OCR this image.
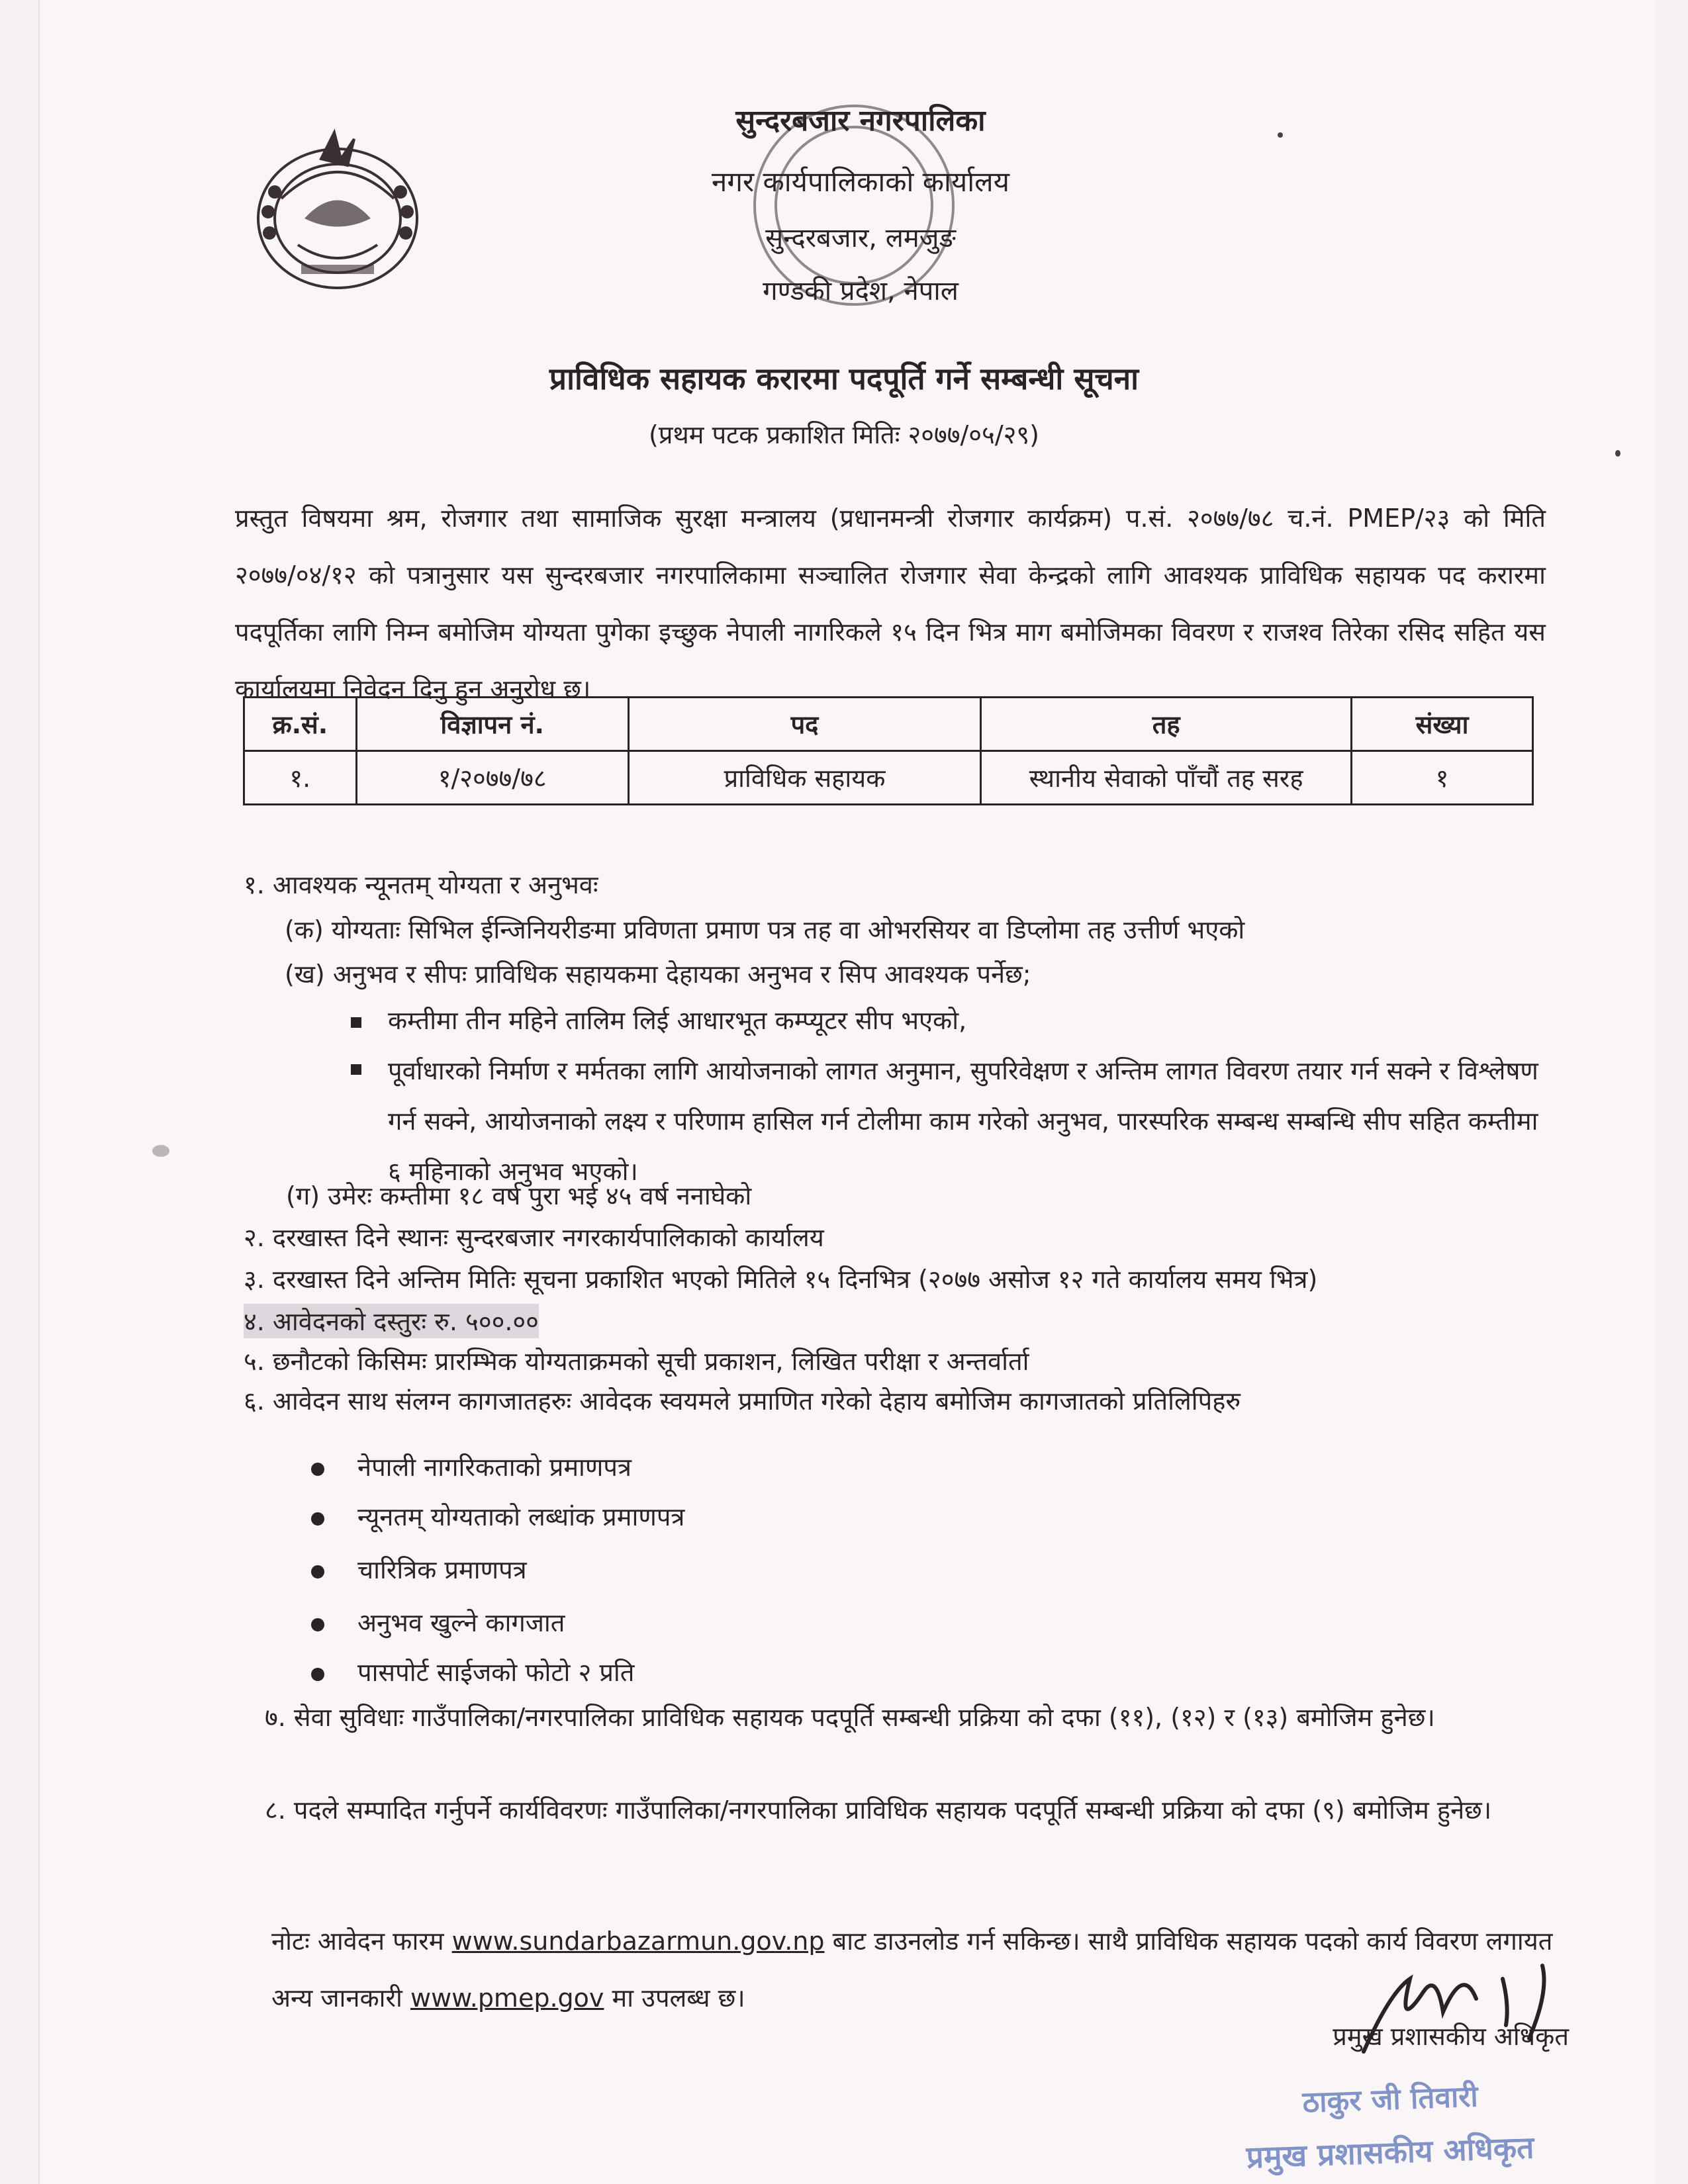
सुन्दरबजार नगरपालिका
नगर कार्यपालिकाको कार्यालय
सुन्दरबजार, लमजुङ
गण्डकी प्रदेश, नेपाल
प्राविधिक सहायक करारमा पदपूर्ति गर्ने सम्बन्धी सूचना
(प्रथम पटक प्रकाशित मितिः २०७७/०५/२९)
प्रस्तुत विषयमा श्रम, रोजगार तथा सामाजिक सुरक्षा मन्त्रालय (प्रधानमन्त्री रोजगार कार्यक्रम) प.सं. २०७७/७८ च.नं. PMEP/२३ को मिति २०७७/०४/१२ को पत्रानुसार यस सुन्दरबजार नगरपालिकामा सञ्चालित रोजगार सेवा केन्द्रको लागि आवश्यक प्राविधिक सहायक पद करारमा पदपूर्तिका लागि निम्न बमोजिम योग्यता पुगेका इच्छुक नेपाली नागरिकले १५ दिन भित्र माग बमोजिमका विवरण र राजश्व तिरेका रसिद सहित यस कार्यालयमा निवेदन दिनु हुन अनुरोध छ।
क्र.सं.	विज्ञापन नं.	पद	तह	संख्या
१.	१/२०७७/७८	प्राविधिक सहायक	स्थानीय सेवाको पाँचौं तह सरह	१
१. आवश्यक न्यूनतम् योग्यता र अनुभवः
(क) योग्यताः सिभिल ईन्जिनियरीङमा प्रविणता प्रमाण पत्र तह वा ओभरसियर वा डिप्लोमा तह उत्तीर्ण भएको
(ख) अनुभव र सीपः प्राविधिक सहायकमा देहायका अनुभव र सिप आवश्यक पर्नेछ;
कम्तीमा तीन महिने तालिम लिई आधारभूत कम्प्यूटर सीप भएको,
पूर्वाधारको निर्माण र मर्मतका लागि आयोजनाको लागत अनुमान, सुपरिवेक्षण र अन्तिम लागत विवरण तयार गर्न सक्ने र विश्लेषण गर्न सक्ने, आयोजनाको लक्ष्य र परिणाम हासिल गर्न टोलीमा काम गरेको अनुभव, पारस्परिक सम्बन्ध सम्बन्धि सीप सहित कम्तीमा ६ महिनाको अनुभव भएको।
(ग) उमेरः कम्तीमा १८ वर्ष पुरा भई ४५ वर्ष ननाघेको
२. दरखास्त दिने स्थानः सुन्दरबजार नगरकार्यपालिकाको कार्यालय
३. दरखास्त दिने अन्तिम मितिः सूचना प्रकाशित भएको मितिले १५ दिनभित्र (२०७७ असोज १२ गते कार्यालय समय भित्र)
४. आवेदनको दस्तुरः रु. ५००.००
५. छनौटको किसिमः प्रारम्भिक योग्यताक्रमको सूची प्रकाशन, लिखित परीक्षा र अन्तर्वार्ता
६. आवेदन साथ संलग्न कागजातहरुः आवेदक स्वयमले प्रमाणित गरेको देहाय बमोजिम कागजातको प्रतिलिपिहरु
नेपाली नागरिकताको प्रमाणपत्र
न्यूनतम् योग्यताको लब्धांक प्रमाणपत्र
चारित्रिक प्रमाणपत्र
अनुभव खुल्ने कागजात
पासपोर्ट साईजको फोटो २ प्रति
७. सेवा सुविधाः गाउँपालिका/नगरपालिका प्राविधिक सहायक पदपूर्ति सम्बन्धी प्रक्रिया को दफा (११), (१२) र (१३) बमोजिम हुनेछ।
८. पदले सम्पादित गर्नुपर्ने कार्यविवरणः गाउँपालिका/नगरपालिका प्राविधिक सहायक पदपूर्ति सम्बन्धी प्रक्रिया को दफा (९) बमोजिम हुनेछ।
नोटः आवेदन फारम www.sundarbazarmun.gov.np बाट डाउनलोड गर्न सकिन्छ। साथै प्राविधिक सहायक पदको कार्य विवरण लगायत अन्य जानकारी www.pmep.gov मा उपलब्ध छ।
प्रमुख प्रशासकीय अधिकृत
ठाकुर जी तिवारी
प्रमुख प्रशासकीय अधिकृत
